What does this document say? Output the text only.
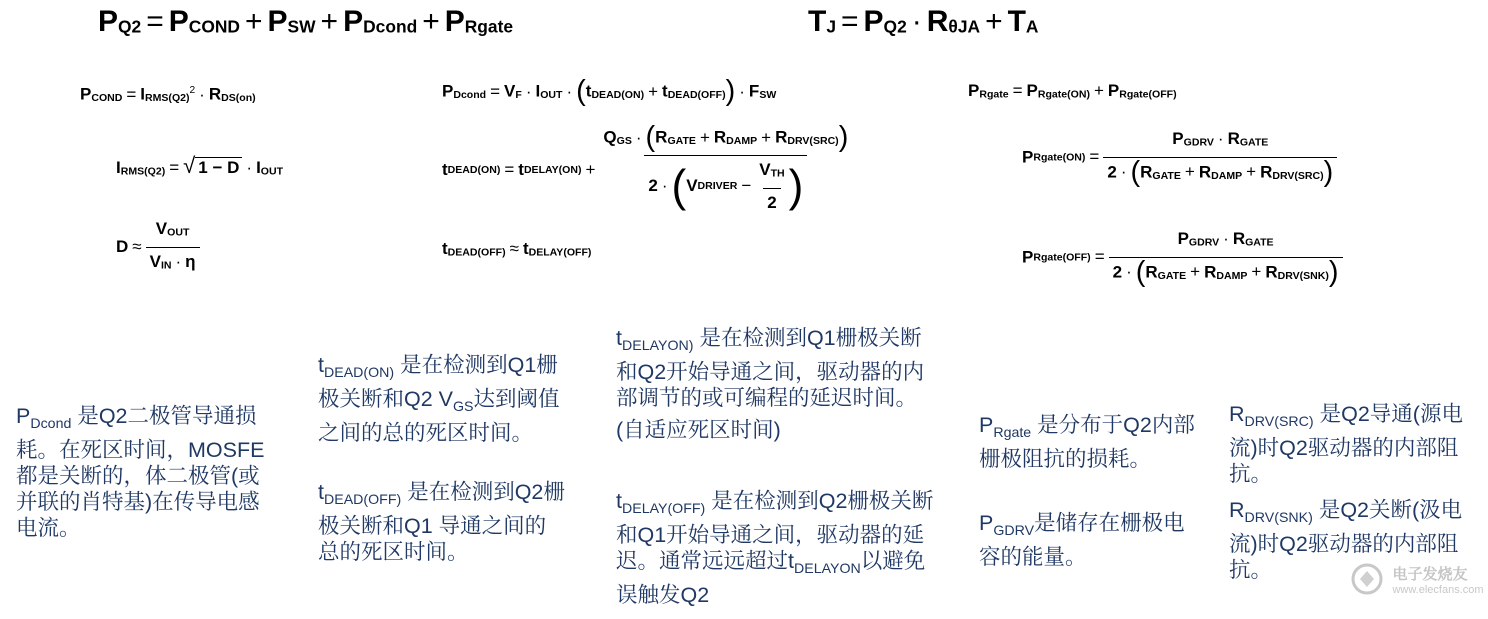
PQ2 = PCOND + PSW + PDcond + PRgate	TJ = PQ2 · RθJA + TA
PCOND = $IRMS(Q2)^2 \cdot RDS(on)$
IRMS(Q2) = √ 1 − D · IOUT
$D \approx \frac{\text{VOUT}}{\text{VIN · η}}$
PDcond = VF · IOUT · (tDEAD(ON) + tDEAD(OFF)) · FSW
tDEAD(ON) = tDELAY(ON) + $\frac{\text{QGS · (RGATE + RDAMP + RDRV(SRC))}}{2 \cdot ( V DRIVER - \frac{\text{VTH}}{2} )}$
tDEAD(OFF) ≈ tDELAY(OFF)
PRgate = PRgate(ON) + PRgate(OFF)
PRgate(ON) = $\frac{\text{PGDRV · RGATE}}{\text{2 · (RGATE + RDAMP + RDRV(SRC))}}$
PRgate(OFF) = $\frac{\text{PGDRV · RGATE}}{\text{2 · (RGATE + RDAMP + RDRV(SNK))}}$
$P_{Dcond}$ 是Q2二极管导通损耗。在死区时间，MOSFE都是关断的，体二极管(或并联的肖特基)在传导电感电流。
$t_{DEAD(ON)}$ 是在检测到Q1栅极关断和Q2 $V_{GS}$达到阈值之间的总的死区时间。
$t_{DEAD(OFF)}$ 是在检测到Q2栅极关断和Q1 导通之间的总的死区时间。

$t_{DELAYON)}$ 是在检测到Q1栅极关断和Q2开始导通之间，驱动器的内部调节的或可编程的延迟时间。

(自适应死区时间)

$t_{DELAY(OFF)}$ 是在检测到Q2栅极关断和Q1开始导通之间，驱动器的延迟。通常远远超过$t_{DELAYON}$以避免误触发Q2
$P_{Rgate}$ 是分布于Q2内部栅极阻抗的损耗。
$P_{GDRV}$是储存在栅极电容的能量。
$R_{DRV(SRC)}$ 是Q2导通(源电流)时Q2驱动器的内部阻抗。
$R_{DRV(SNK)}$ 是Q2关断(汲电流)时Q2驱动器的内部阻抗。
	电子发烧友
www.elecfans.com
